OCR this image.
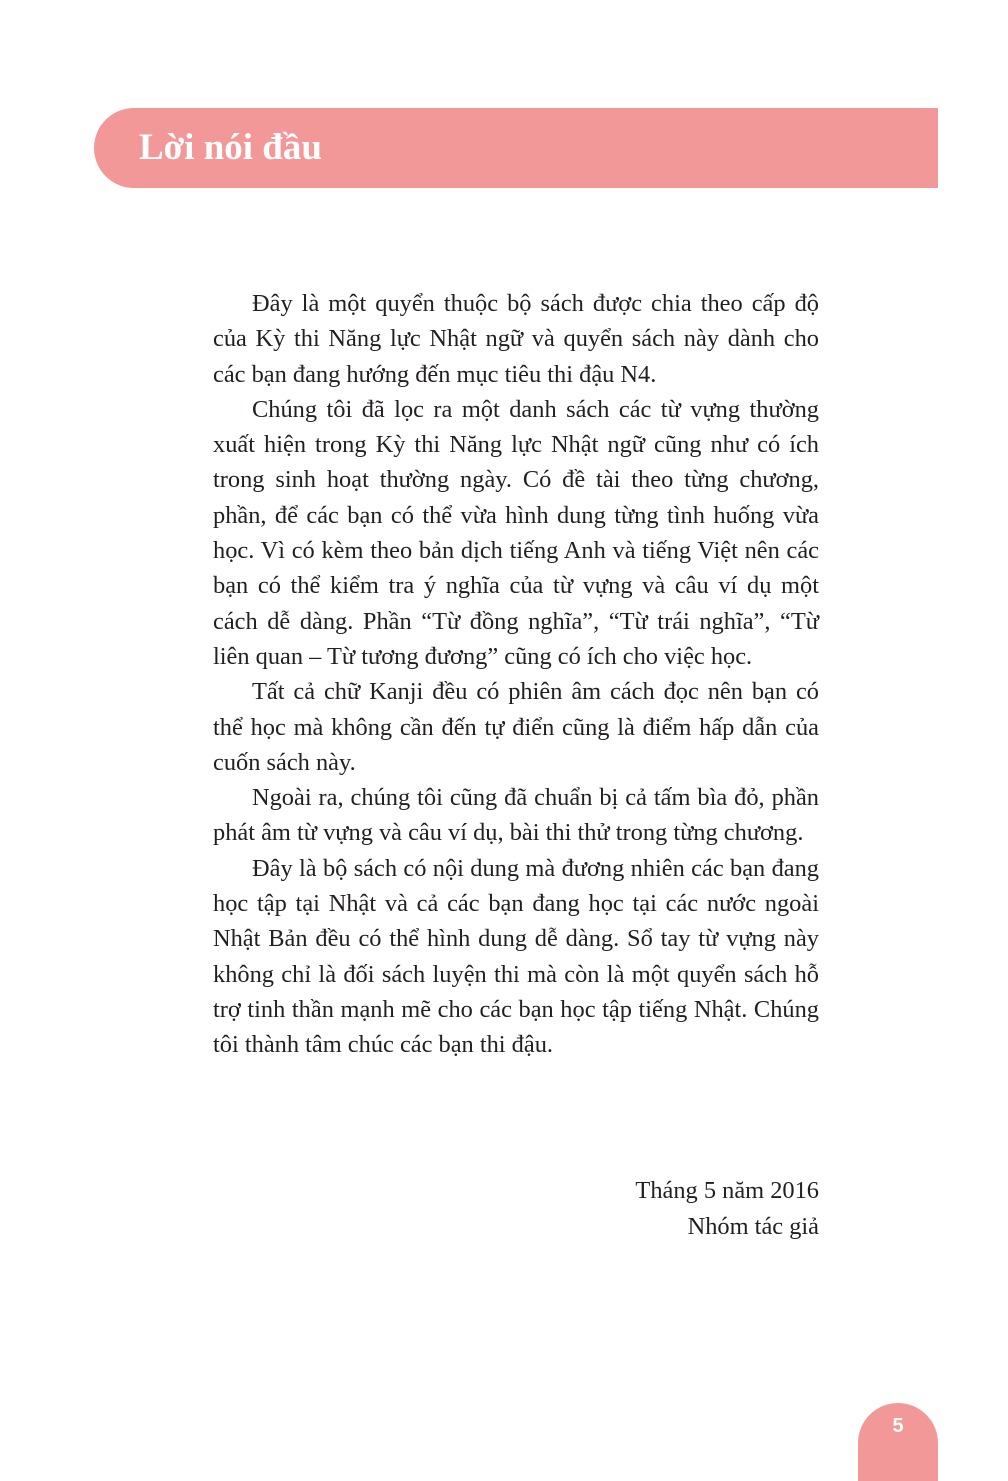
Lời nói đầu

Đây là một quyển thuộc bộ sách được chia theo cấp độ của Kỳ thi Năng lực Nhật ngữ và quyển sách này dành cho các bạn đang hướng đến mục tiêu thi đậu N4.

Chúng tôi đã lọc ra một danh sách các từ vựng thường xuất hiện trong Kỳ thi Năng lực Nhật ngữ cũng như có ích trong sinh hoạt thường ngày. Có đề tài theo từng chương, phần, để các bạn có thể vừa hình dung từng tình huống vừa học. Vì có kèm theo bản dịch tiếng Anh và tiếng Việt nên các bạn có thể kiểm tra ý nghĩa của từ vựng và câu ví dụ một cách dễ dàng. Phần “Từ đồng nghĩa”, “Từ trái nghĩa”, “Từ liên quan – Từ tương đương” cũng có ích cho việc học.

Tất cả chữ Kanji đều có phiên âm cách đọc nên bạn có thể học mà không cần đến tự điển cũng là điểm hấp dẫn của cuốn sách này.

Ngoài ra, chúng tôi cũng đã chuẩn bị cả tấm bìa đỏ, phần phát âm từ vựng và câu ví dụ, bài thi thử trong từng chương.

Đây là bộ sách có nội dung mà đương nhiên các bạn đang học tập tại Nhật và cả các bạn đang học tại các nước ngoài Nhật Bản đều có thể hình dung dễ dàng. Sổ tay từ vựng này không chỉ là đối sách luyện thi mà còn là một quyển sách hỗ trợ tinh thần mạnh mẽ cho các bạn học tập tiếng Nhật. Chúng tôi thành tâm chúc các bạn thi đậu.

Tháng 5 năm 2016
Nhóm tác giả
5
